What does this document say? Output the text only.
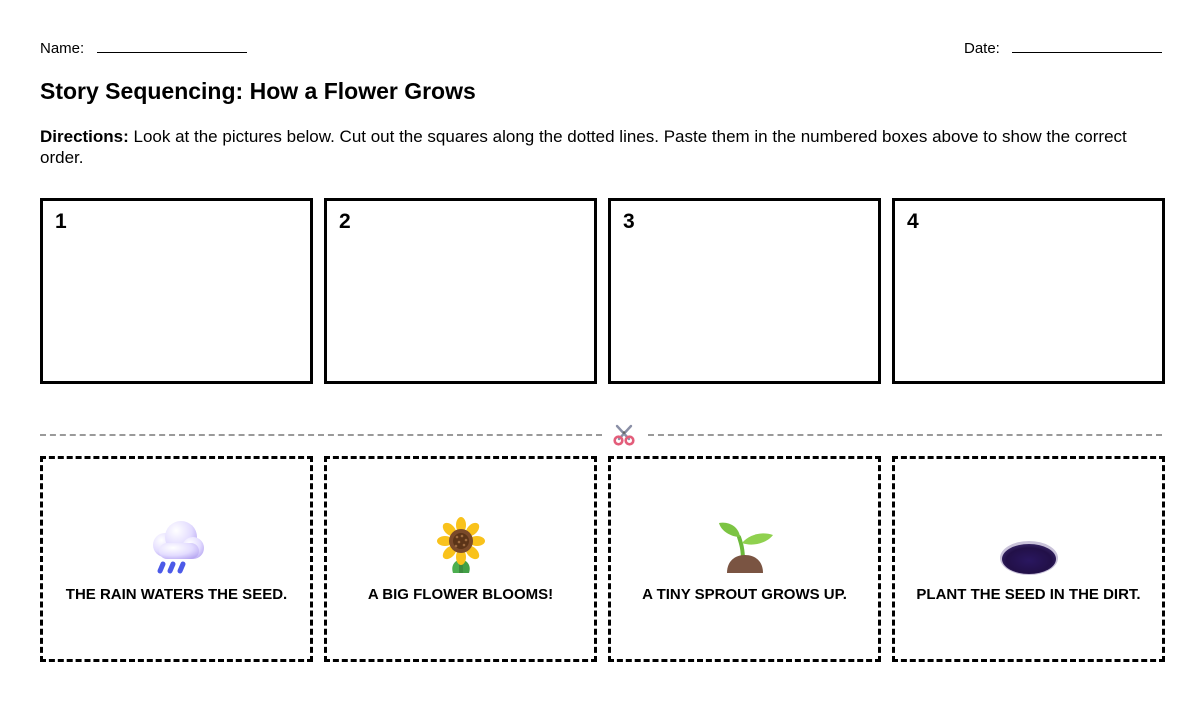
Name:	Date:
Story Sequencing: How a Flower Grows
Directions: Look at the pictures below. Cut out the squares along the dotted lines. Paste them in the numbered boxes above to show the correct order.
1	2	3	4
THE RAIN WATERS THE SEED.	A BIG FLOWER BLOOMS!	A TINY SPROUT GROWS UP.	PLANT THE SEED IN THE DIRT.
